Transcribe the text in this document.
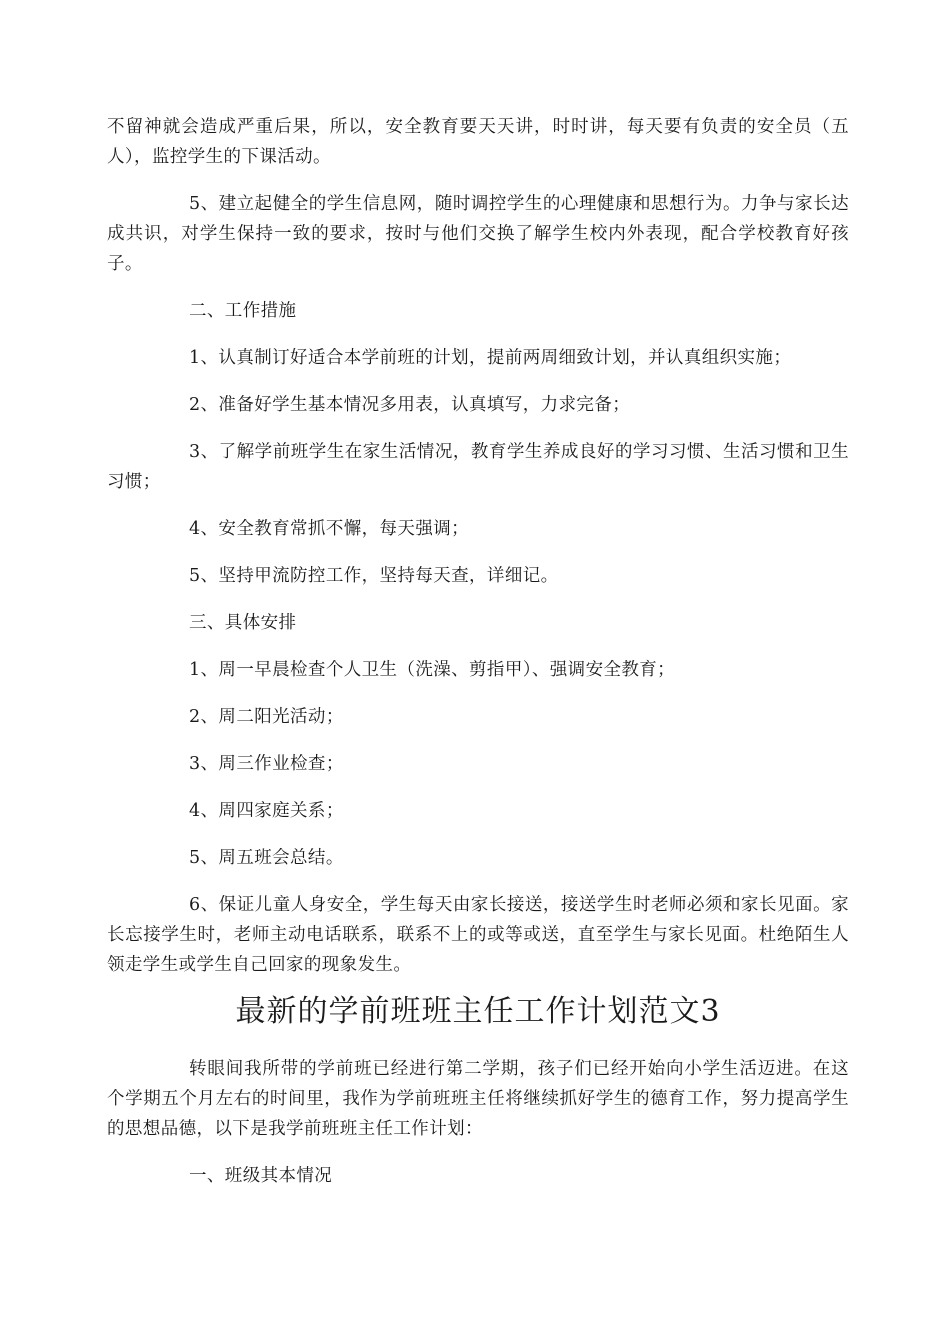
不留神就会造成严重后果，所以，安全教育要天天讲，时时讲，每天要有负责的安全员（五人），监控学生的下课活动。

5、建立起健全的学生信息网，随时调控学生的心理健康和思想行为。力争与家长达成共识，对学生保持一致的要求，按时与他们交换了解学生校内外表现，配合学校教育好孩子。

二、工作措施

1、认真制订好适合本学前班的计划，提前两周细致计划，并认真组织实施；

2、准备好学生基本情况多用表，认真填写，力求完备；

3、了解学前班学生在家生活情况，教育学生养成良好的学习习惯、生活习惯和卫生习惯；

4、安全教育常抓不懈，每天强调；

5、坚持甲流防控工作，坚持每天查，详细记。

三、具体安排

1、周一早晨检查个人卫生（洗澡、剪指甲）、强调安全教育；

2、周二阳光活动；

3、周三作业检查；

4、周四家庭关系；

5、周五班会总结。

6、保证儿童人身安全，学生每天由家长接送，接送学生时老师必须和家长见面。家长忘接学生时，老师主动电话联系，联系不上的或等或送，直至学生与家长见面。杜绝陌生人领走学生或学生自己回家的现象发生。

最新的学前班班主任工作计划范文3

转眼间我所带的学前班已经进行第二学期，孩子们已经开始向小学生活迈进。在这个学期五个月左右的时间里，我作为学前班班主任将继续抓好学生的德育工作，努力提高学生的思想品德，以下是我学前班班主任工作计划：

一、班级其本情况
